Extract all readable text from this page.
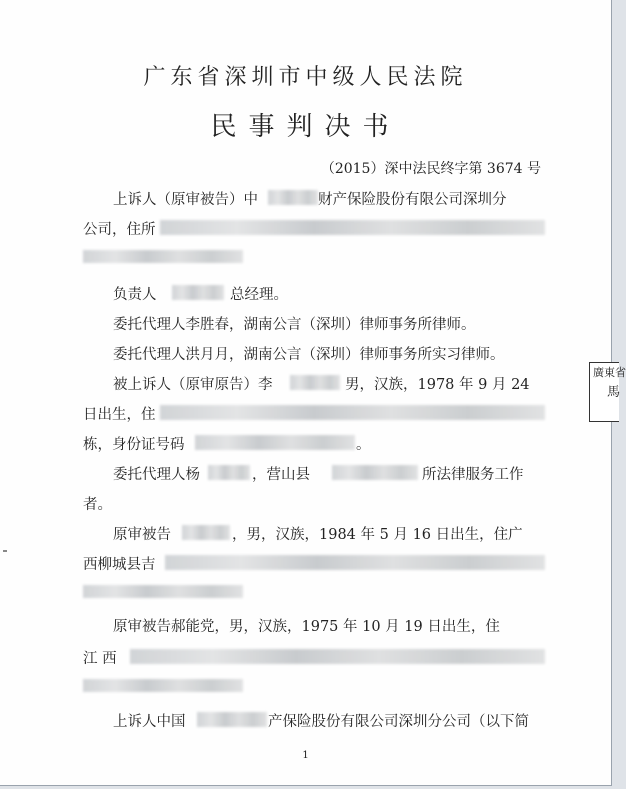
广东省深圳市中级人民法院
民事判决书
（2015）深中法民终字第 3674 号
上诉人（原审被告）中	财产保险股份有限公司深圳分
公司，住所
负责人	总经理。
委托代理人李胜春，湖南公言（深圳）律师事务所律师。
委托代理人洪月月，湖南公言（深圳）律师事务所实习律师。
被上诉人（原审原告）李	男，汉族，1978 年 9 月 24
日出生，住
栋，身份证号码	。
委托代理人杨	，营山县	所法律服务工作
者。
原审被告	，男，汉族，1984 年 5 月 16 日出生，住广
西柳城县吉
原审被告郝能党，男，汉族，1975 年 10 月 19 日出生，住
江 西
上诉人中国	产保险股份有限公司深圳分公司（以下简
1
廣東省
馬
